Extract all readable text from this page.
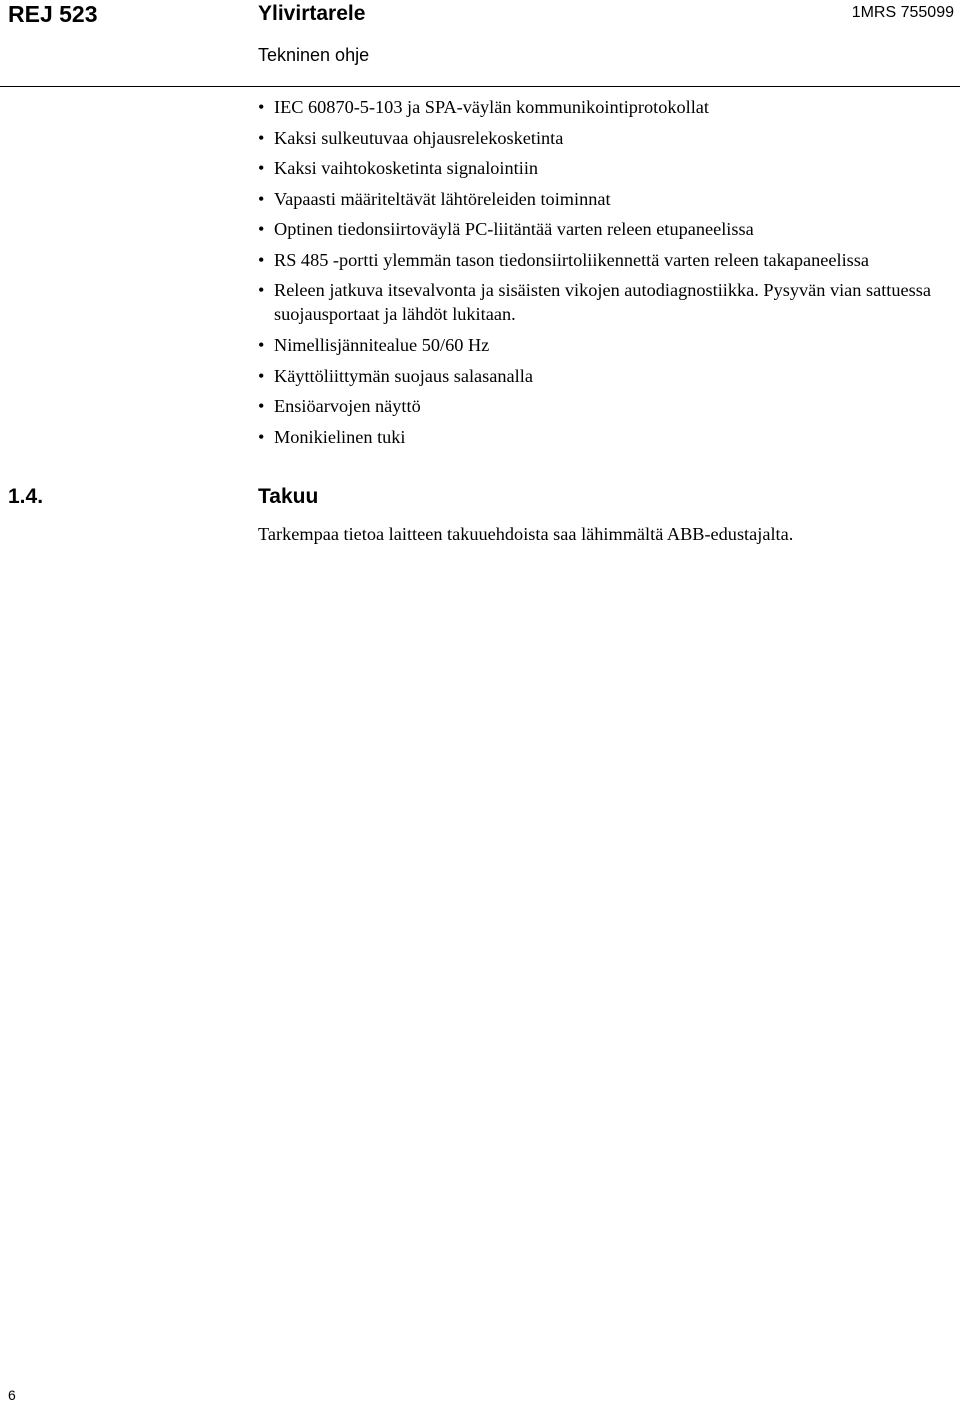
REJ 523	Ylivirtarele	1MRS 755099
Tekninen ohje
• IEC 60870-5-103 ja SPA-väylän kommunikointiprotokollat
• Kaksi sulkeutuvaa ohjausrelekosketinta
• Kaksi vaihtokosketinta signalointiin
• Vapaasti määriteltävät lähtöreleiden toiminnat
• Optinen tiedonsiirtoväylä PC-liitäntää varten releen etupaneelissa
• RS 485 -portti ylemmän tason tiedonsiirtoliikennettä varten releen takapaneelissa
• Releen jatkuva itsevalvonta ja sisäisten vikojen autodiagnostiikka. Pysyvän vian sattuessa suojausportaat ja lähdöt lukitaan.
• Nimellisjännitealue 50/60 Hz
• Käyttöliittymän suojaus salasanalla
• Ensiöarvojen näyttö
• Monikielinen tuki
1.4.	Takuu
Tarkempaa tietoa laitteen takuuehdoista saa lähimmältä ABB-edustajalta.
6
